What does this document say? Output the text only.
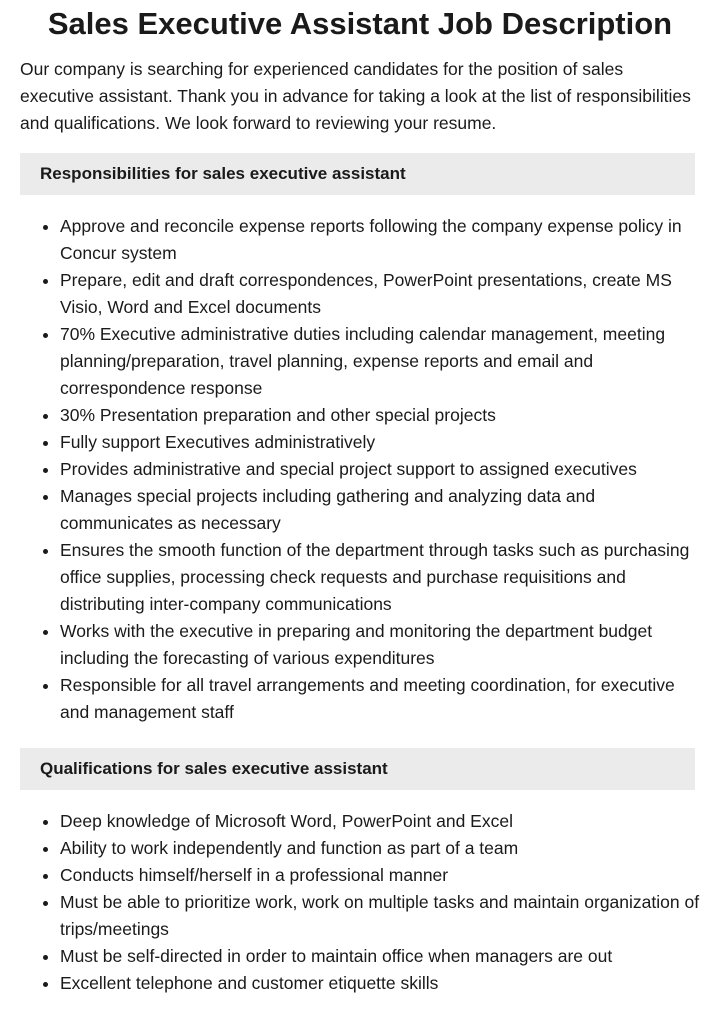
Sales Executive Assistant Job Description

Our company is searching for experienced candidates for the position of sales executive assistant. Thank you in advance for taking a look at the list of responsibilities and qualifications. We look forward to reviewing your resume.

Responsibilities for sales executive assistant
• Approve and reconcile expense reports following the company expense policy in Concur system
• Prepare, edit and draft correspondences, PowerPoint presentations, create MS Visio, Word and Excel documents
• 70% Executive administrative duties including calendar management, meeting planning/preparation, travel planning, expense reports and email and correspondence response
• 30% Presentation preparation and other special projects
• Fully support Executives administratively
• Provides administrative and special project support to assigned executives
• Manages special projects including gathering and analyzing data and communicates as necessary
• Ensures the smooth function of the department through tasks such as purchasing office supplies, processing check requests and purchase requisitions and distributing inter-company communications
• Works with the executive in preparing and monitoring the department budget including the forecasting of various expenditures
• Responsible for all travel arrangements and meeting coordination, for executive and management staff
Qualifications for sales executive assistant
• Deep knowledge of Microsoft Word, PowerPoint and Excel
• Ability to work independently and function as part of a team
• Conducts himself/herself in a professional manner
• Must be able to prioritize work, work on multiple tasks and maintain organization of trips/meetings
• Must be self-directed in order to maintain office when managers are out
• Excellent telephone and customer etiquette skills
